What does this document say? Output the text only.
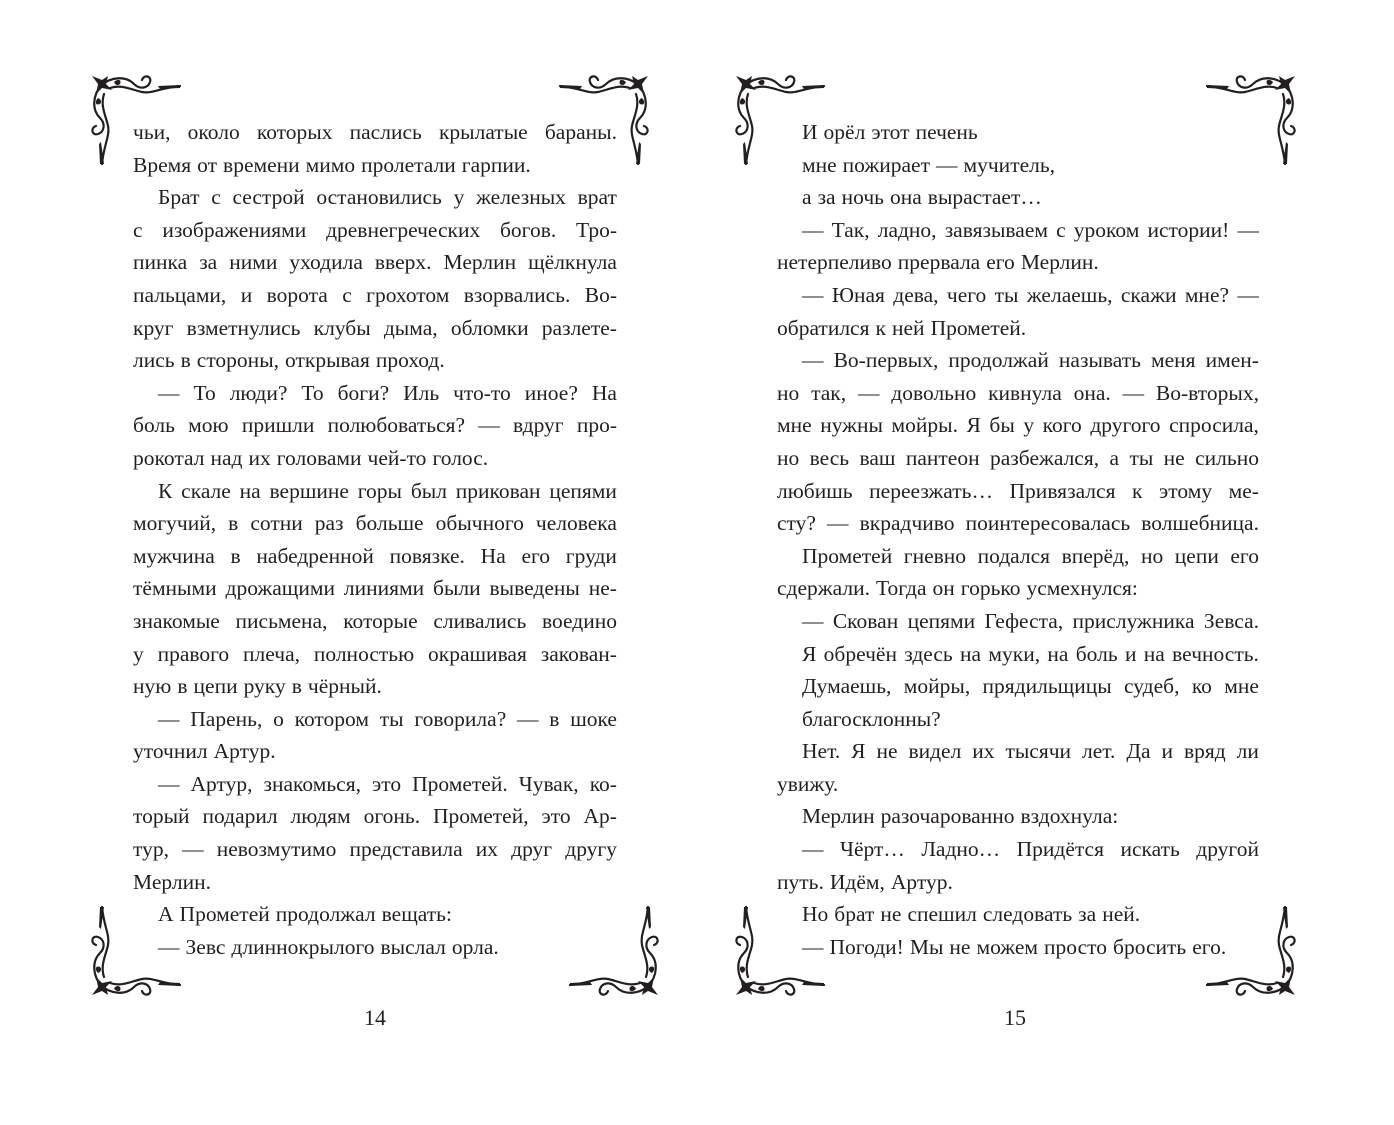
чьи, около которых паслись крылатые бараны.
Время от времени мимо пролетали гарпии.
Брат с сестрой остановились у железных врат
с изображениями древнегреческих богов. Тро-
пинка за ними уходила вверх. Мерлин щёлкнула
пальцами, и ворота с грохотом взорвались. Во-
круг взметнулись клубы дыма, обломки разлете-
лись в стороны, открывая проход.
— То люди? То боги? Иль что-то иное? На
боль мою пришли полюбоваться? — вдруг про-
рокотал над их головами чей-то голос.
К скале на вершине горы был прикован цепями
могучий, в сотни раз больше обычного человека
мужчина в набедренной повязке. На его груди
тёмными дрожащими линиями были выведены не-
знакомые письмена, которые сливались воедино
у правого плеча, полностью окрашивая закован-
ную в цепи руку в чёрный.
— Парень, о котором ты говорила? — в шоке
уточнил Артур.
— Артур, знакомься, это Прометей. Чувак, ко-
торый подарил людям огонь. Прометей, это Ар-
тур, — невозмутимо представила их друг другу
Мерлин.
А Прометей продолжал вещать:
— Зевс длиннокрылого выслал орла.
14
И орёл этот печень
мне пожирает — мучитель,
а за ночь она вырастает…
— Так, ладно, завязываем с уроком истории! —
нетерпеливо прервала его Мерлин.
— Юная дева, чего ты желаешь, скажи мне? —
обратился к ней Прометей.
— Во-первых, продолжай называть меня имен-
но так, — довольно кивнула она. — Во-вторых,
мне нужны мойры. Я бы у кого другого спросила,
но весь ваш пантеон разбежался, а ты не сильно
любишь переезжать… Привязался к этому ме-
сту? — вкрадчиво поинтересовалась волшебница.
Прометей гневно подался вперёд, но цепи его
сдержали. Тогда он горько усмехнулся:
— Скован цепями Гефеста, прислужника Зевса.
Я обречён здесь на муки, на боль и на вечность.
Думаешь, мойры, прядильщицы судеб, ко мне
благосклонны?
Нет. Я не видел их тысячи лет. Да и вряд ли
увижу.
Мерлин разочарованно вздохнула:
— Чёрт… Ладно… Придётся искать другой
путь. Идём, Артур.
Но брат не спешил следовать за ней.
— Погоди! Мы не можем просто бросить его.
15
